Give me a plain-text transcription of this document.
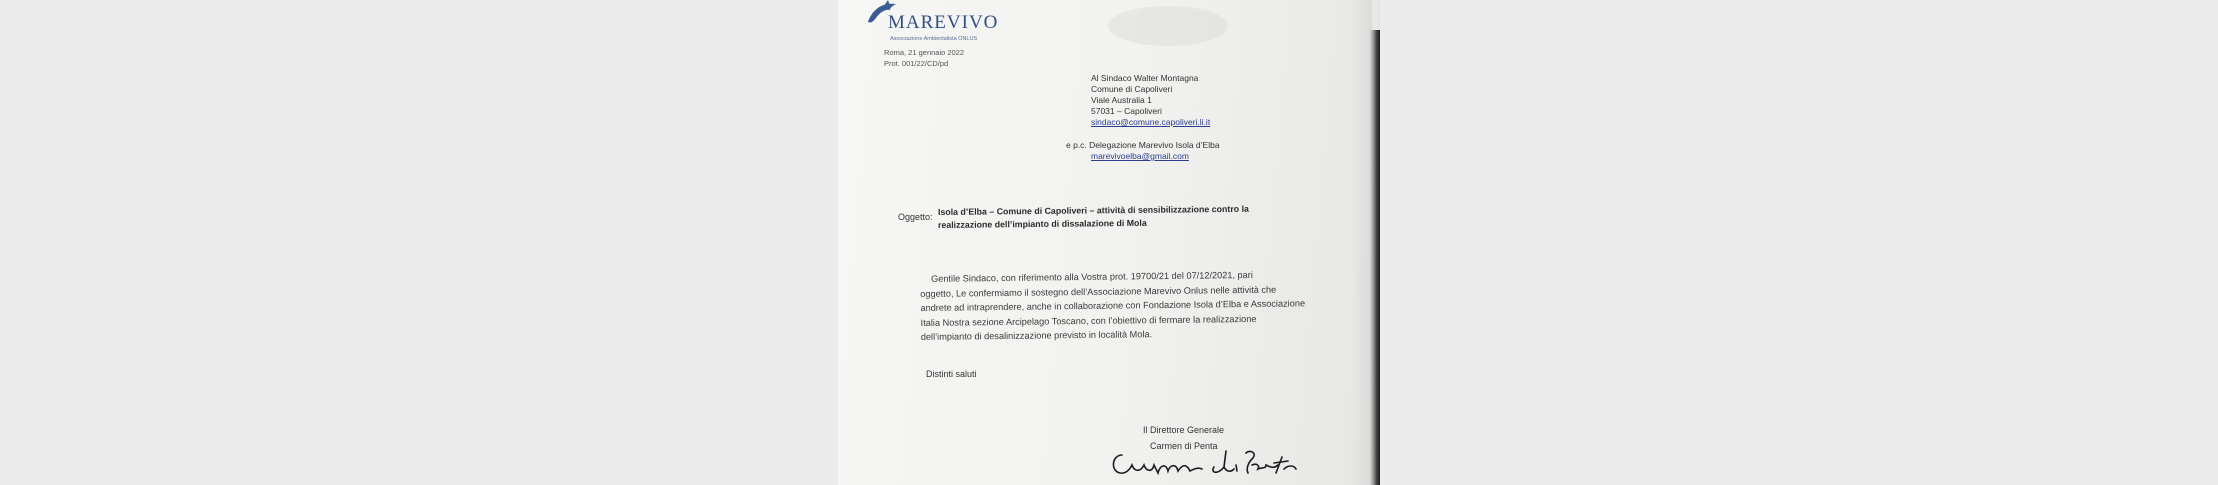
MAREVIVO
Associazione Ambientalista ONLUS
Roma, 21 gennaio 2022
Prot. 001/22/CD/pd
Al Sindaco Walter Montagna
Comune di Capoliveri
Viale Australia 1
57031 – Capoliveri
sindaco@comune.capoliveri.li.it
e p.c. Delegazione Marevivo Isola d’Elba
marevivoelba@gmail.com
Oggetto:
Isola d’Elba – Comune di Capoliveri – attività di sensibilizzazione contro la
realizzazione dell’impianto di dissalazione di Mola
Gentile Sindaco, con riferimento alla Vostra prot. 19700/21 del 07/12/2021, pari
oggetto, Le confermiamo il sostegno dell’Associazione Marevivo Onlus nelle attività che
andrete ad intraprendere, anche in collaborazione con Fondazione Isola d’Elba e Associazione
Italia Nostra sezione Arcipelago Toscano, con l’obiettivo di fermare la realizzazione
dell’impianto di desalinizzazione previsto in località Mola.
Distinti saluti
Il Direttore Generale
Carmen di Penta
